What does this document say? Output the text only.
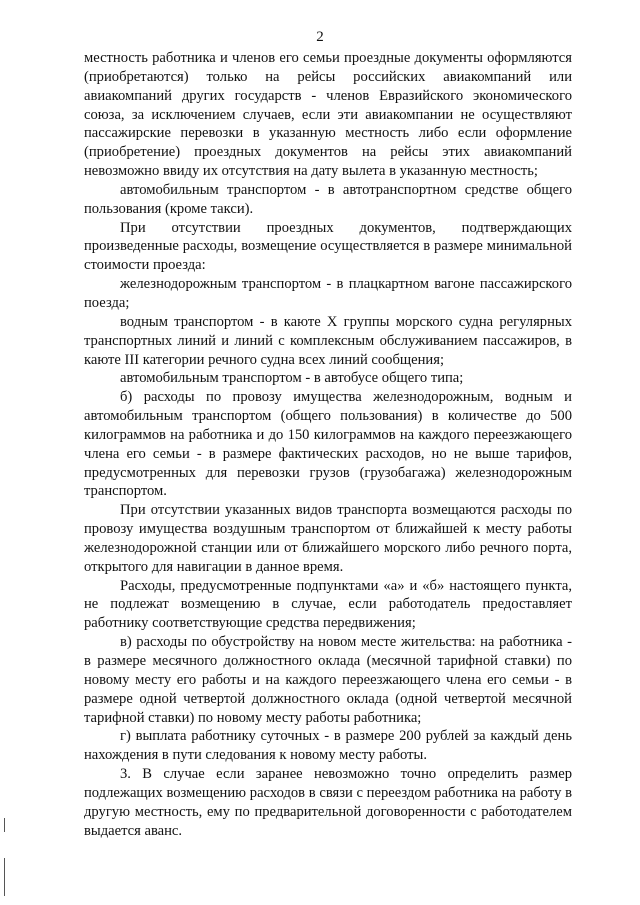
2

местность работника и членов его семьи проездные документы оформляются (приобретаются) только на рейсы российских авиакомпаний или авиакомпаний других государств - членов Евразийского экономического союза, за исключением случаев, если эти авиакомпании не осуществляют пассажирские перевозки в указанную местность либо если оформление (приобретение) проездных документов на рейсы этих авиакомпаний невозможно ввиду их отсутствия на дату вылета в указанную местность;

автомобильным транспортом - в автотранспортном средстве общего пользования (кроме такси).

При отсутствии проездных документов, подтверждающих произведенные расходы, возмещение осуществляется в размере минимальной стоимости проезда:

железнодорожным транспортом - в плацкартном вагоне пассажирского поезда;

водным транспортом - в каюте X группы морского судна регулярных транспортных линий и линий с комплексным обслуживанием пассажиров, в каюте III категории речного судна всех линий сообщения;

автомобильным транспортом - в автобусе общего типа;

б) расходы по провозу имущества железнодорожным, водным и автомобильным транспортом (общего пользования) в количестве до 500 килограммов на работника и до 150 килограммов на каждого переезжающего члена его семьи - в размере фактических расходов, но не выше тарифов, предусмотренных для перевозки грузов (грузобагажа) железнодорожным транспортом.

При отсутствии указанных видов транспорта возмещаются расходы по провозу имущества воздушным транспортом от ближайшей к месту работы железнодорожной станции или от ближайшего морского либо речного порта, открытого для навигации в данное время.

Расходы, предусмотренные подпунктами «а» и «б» настоящего пункта, не подлежат возмещению в случае, если работодатель предоставляет работнику соответствующие средства передвижения;

в) расходы по обустройству на новом месте жительства: на работника - в размере месячного должностного оклада (месячной тарифной ставки) по новому месту его работы и на каждого переезжающего члена его семьи - в размере одной четвертой должностного оклада (одной четвертой месячной тарифной ставки) по новому месту работы работника;

г) выплата работнику суточных - в размере 200 рублей за каждый день нахождения в пути следования к новому месту работы.

3. В случае если заранее невозможно точно определить размер подлежащих возмещению расходов в связи с переездом работника на работу в другую местность, ему по предварительной договоренности с работодателем выдается аванс.
